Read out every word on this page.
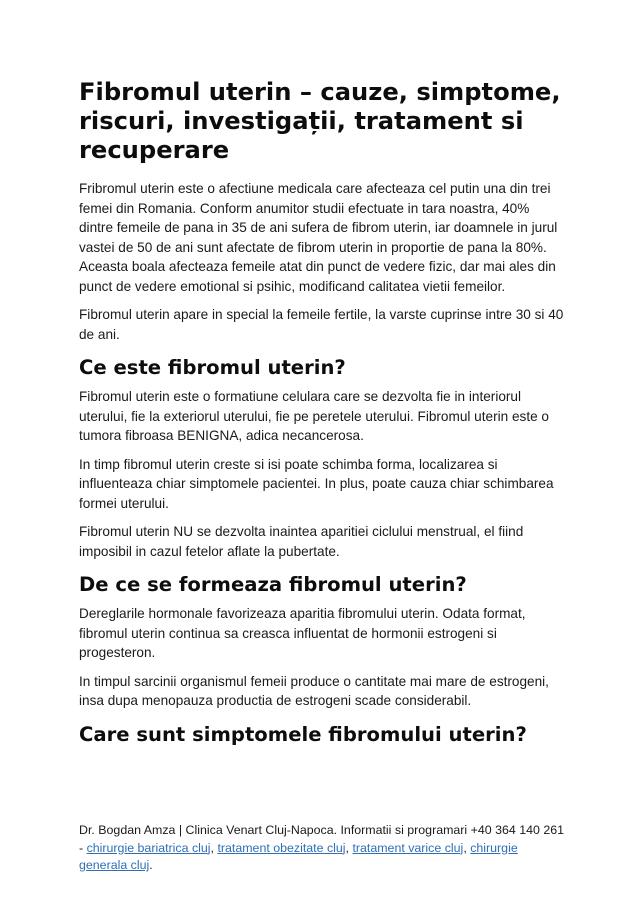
Fibromul uterin – cauze, simptome, riscuri, investigații, tratament si recuperare

Fribromul uterin este o afectiune medicala care afecteaza cel putin una din trei femei din Romania. Conform anumitor studii efectuate in tara noastra, 40% dintre femeile de pana in 35 de ani sufera de fibrom uterin, iar doamnele in jurul vastei de 50 de ani sunt afectate de fibrom uterin in proportie de pana la 80%. Aceasta boala afecteaza femeile atat din punct de vedere fizic, dar mai ales din punct de vedere emotional si psihic, modificand calitatea vietii femeilor.

Fibromul uterin apare in special la femeile fertile, la varste cuprinse intre 30 si 40 de ani.

Ce este fibromul uterin?

Fibromul uterin este o formatiune celulara care se dezvolta fie in interiorul uterului, fie la exteriorul uterului, fie pe peretele uterului. Fibromul uterin este o tumora fibroasa BENIGNA, adica necancerosa.

In timp fibromul uterin creste si isi poate schimba forma, localizarea si influenteaza chiar simptomele pacientei. In plus, poate cauza chiar schimbarea formei uterului.

Fibromul uterin NU se dezvolta inaintea aparitiei ciclului menstrual, el fiind imposibil in cazul fetelor aflate la pubertate.

De ce se formeaza fibromul uterin?

Dereglarile hormonale favorizeaza aparitia fibromului uterin. Odata format, fibromul uterin continua sa creasca influentat de hormonii estrogeni si progesteron.

In timpul sarcinii organismul femeii produce o cantitate mai mare de estrogeni, insa dupa menopauza productia de estrogeni scade considerabil.

Care sunt simptomele fibromului uterin?
Dr. Bogdan Amza | Clinica Venart Cluj-Napoca. Informatii si programari +40 364 140 261 - chirurgie bariatrica cluj, tratament obezitate cluj, tratament varice cluj, chirurgie generala cluj.
